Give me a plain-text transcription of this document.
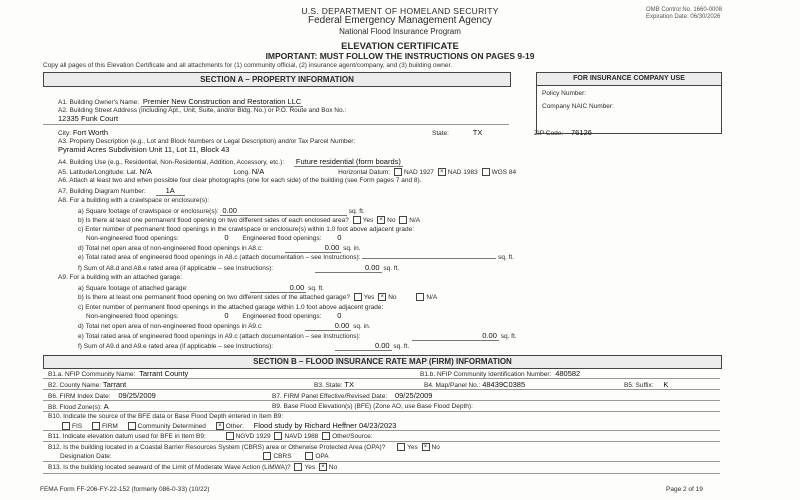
U.S. DEPARTMENT OF HOMELAND SECURITY
Federal Emergency Management Agency
National Flood Insurance Program
ELEVATION CERTIFICATE
IMPORTANT: MUST FOLLOW THE INSTRUCTIONS ON PAGES 9-19
OMB Control No. 1660-0008
Expiration Date: 06/30/2026
Copy all pages of this Elevation Certificate and all attachments for (1) community official, (2) insurance agent/company, and (3) building owner.
SECTION A – PROPERTY INFORMATION	FOR INSURANCE COMPANY USE
Policy Number:
Company NAIC Number:
A1. Building Owner's Name: Premier New Construction and Restoration LLC
A2. Building Street Address (including Apt., Unit, Suite, and/or Bldg. No.) or P.O. Route and Box No.:
12335 Funk Court
City: Fort Worth	State:	TX	ZIP Code: 76126
A3. Property Description (e.g., Lot and Block Numbers or Legal Description) and/or Tax Parcel Number:
Pyramid Acres Subdivision Unit 11, Lot 11, Block 43
A4. Building Use (e.g., Residential, Non-Residential, Addition, Accessory, etc.): Future residential (form boards)
A5. Latitude/Longitude: Lat. N/A	Long. N/A	Horizontal Datum: NAD 1927 × NAD 1983 WGS 84
A6. Attach at least two and when possible four clear photographs (one for each side) of the building (see Form pages 7 and 8).
A7. Building Diagram Number:	1A
A8. For a building with a crawlspace or enclosure(s):
a) Square footage of crawlspace or enclosure(s): 0.00	sq. ft.
b) Is there at least one permanent flood opening on two different sides of each enclosed area? Yes × No N/A
c) Enter number of permanent flood openings in the crawlspace or enclosure(s) within 1.0 foot above adjacent grade:
Non-engineered flood openings:	0 Engineered flood openings: 0
d) Total net open area of non-engineered flood openings in A8.c:	0.00 sq. in.
e) Total rated area of engineered flood openings in A8.c (attach documentation – see Instructions):	sq. ft.
f) Sum of A8.d and A8.e rated area (if applicable – see Instructions):	0.00 sq. ft.
A9. For a building with an attached garage:
a) Square footage of attached garage:	0.00 sq. ft.
b) Is there at least one permanent flood opening on two different sides of the attached garage? Yes × No	N/A
c) Enter number of permanent flood openings in the attached garage within 1.0 foot above adjacent grade:
Non-engineered flood openings:	0 Engineered flood openings: 0
d) Total net open area of non-engineered flood openings in A9.c:	0.00 sq. in.
e) Total rated area of engineered flood openings in A9.c (attach documentation – see Instructions):	0.00 sq. ft.
f) Sum of A9.d and A9.e rated area (if applicable – see Instructions):	0.00 sq. ft.
SECTION B – FLOOD INSURANCE RATE MAP (FIRM) INFORMATION
B1.a. NFIP Community Name: Tarrant County	B1.b. NFIP Community Identification Number: 480582
B2. County Name: Tarrant	B3. State: TX	B4. Map/Panel No.: 48439C0385	B5. Suffix: K
B6. FIRM Index Date: 09/25/2009	B7. FIRM Panel Effective/Revised Date: 09/25/2009
B8. Flood Zone(s): A	B9. Base Flood Elevation(s) (BFE) (Zone AO, use Base Flood Depth):
B10. Indicate the source of the BFE data or Base Flood Depth entered in Item B9:
FIS	FIRM	Community Determined × Other: Flood study by Richard Heffner 04/23/2023
B11. Indicate elevation datum used for BFE in Item B9:	NGVD 1929 NAVD 1988 Other/Source:
B12. Is the building located in a Coastal Barrier Resources System (CBRS) area or Otherwise Protected Area (OPA)?	Yes × No
Designation Date:	CBRS	OPA
B13. Is the building located seaward of the Limit of Moderate Wave Action (LiMWA)? Yes × No
FEMA Form FF-206-FY-22-152 (formerly 086-0-33) (10/22)	Page 2 of 19
